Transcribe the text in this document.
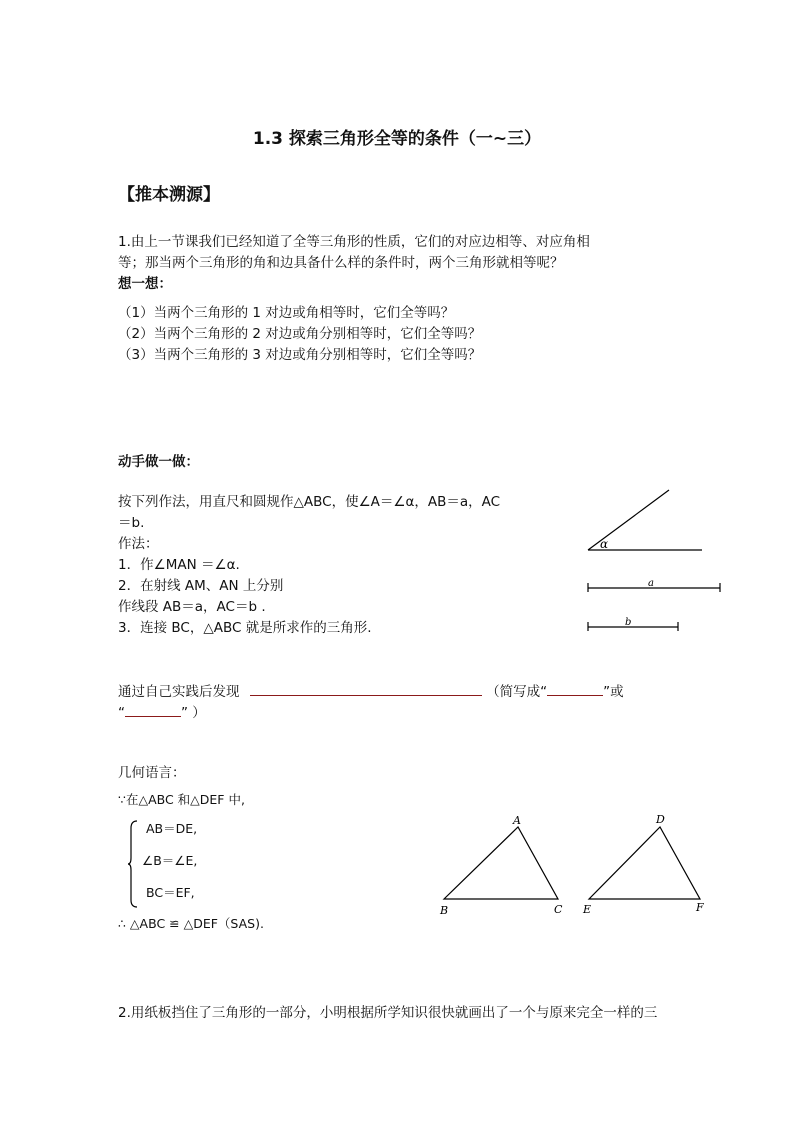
1.3 探索三角形全等的条件（一~三）
【推本溯源】
1.由上一节课我们已经知道了全等三角形的性质，它们的对应边相等、对应角相
等；那当两个三角形的角和边具备什么样的条件时，两个三角形就相等呢？
想一想：
（1）当两个三角形的 1 对边或角相等时，它们全等吗？
（2）当两个三角形的 2 对边或角分别相等时，它们全等吗？
（3）当两个三角形的 3 对边或角分别相等时，它们全等吗？
动手做一做：
按下列作法，用直尺和圆规作△ABC，使∠A＝∠α，AB＝a，AC
＝b.
作法：
1．作∠MAN ＝∠α.
2．在射线 AM、AN 上分别
作线段 AB＝a，AC＝b .
3．连接 BC，△ABC 就是所求作的三角形.
α
a
b
通过自己实践后发现	（简写成“	”或
“	” ）
几何语言：
∵在△ABC 和△DEF 中,
AB＝DE,
∠B＝∠E,
BC＝EF,
∴ △ABC ≌ △DEF（SAS).
A
B	C
D
E	F
2.用纸板挡住了三角形的一部分，小明根据所学知识很快就画出了一个与原来完全一样的三
